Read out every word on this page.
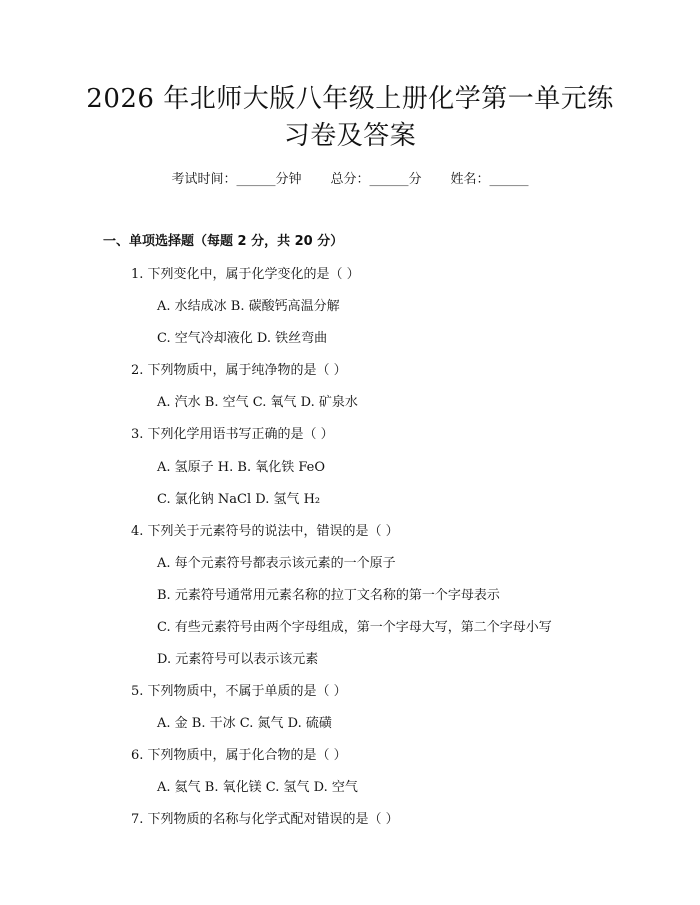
2026 年北师大版八年级上册化学第一单元练
习卷及答案
考试时间：______分钟 总分：______分 姓名：______
一、单项选择题（每题 2 分，共 20 分）
1. 下列变化中，属于化学变化的是（ ）
A. 水结成冰 B. 碳酸钙高温分解
C. 空气冷却液化 D. 铁丝弯曲
2. 下列物质中，属于纯净物的是（ ）
A. 汽水 B. 空气 C. 氧气 D. 矿泉水
3. 下列化学用语书写正确的是（ ）
A. 氢原子 H. B. 氧化铁 FeO
C. 氯化钠 NaCl D. 氢气 H₂
4. 下列关于元素符号的说法中，错误的是（ ）
A. 每个元素符号都表示该元素的一个原子
B. 元素符号通常用元素名称的拉丁文名称的第一个字母表示
C. 有些元素符号由两个字母组成，第一个字母大写，第二个字母小写
D. 元素符号可以表示该元素
5. 下列物质中，不属于单质的是（ ）
A. 金 B. 干冰 C. 氮气 D. 硫磺
6. 下列物质中，属于化合物的是（ ）
A. 氦气 B. 氧化镁 C. 氢气 D. 空气
7. 下列物质的名称与化学式配对错误的是（ ）
